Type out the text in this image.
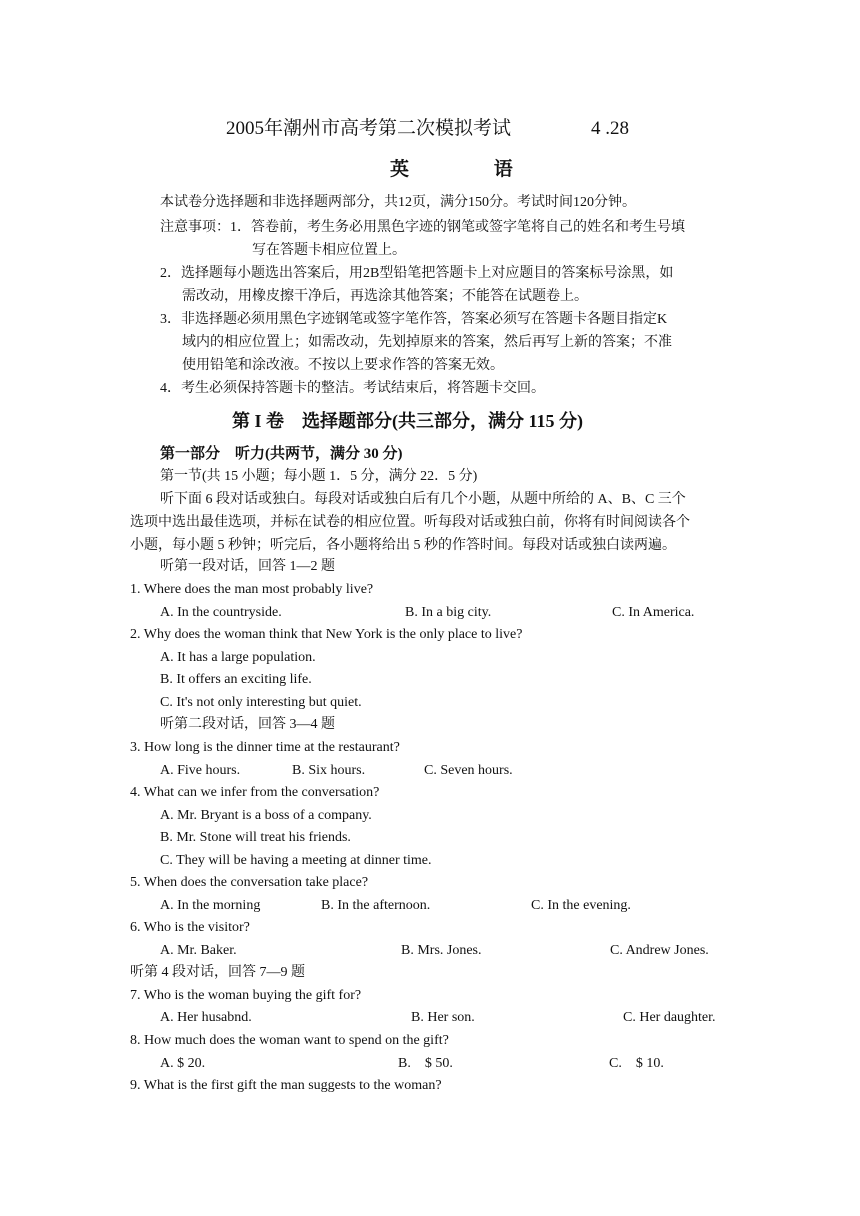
2005年潮州市高考第二次模拟考试	4 .28
英 语
本试卷分选择题和非选择题两部分，共12页，满分150分。考试时间120分钟。
注意事项： 1．答卷前，考生务必用黑色字迹的钢笔或签字笔将自己的姓名和考生号填
写在答题卡相应位置上。
2．选择题每小题选出答案后，用2B型铅笔把答题卡上对应题目的答案标号涂黑，如
需改动，用橡皮擦干净后，再选涂其他答案；不能答在试题卷上。
3．非选择题必须用黑色字迹钢笔或签字笔作答，答案必须写在答题卡各题目指定K
域内的相应位置上；如需改动，先划掉原来的答案，然后再写上新的答案；不准
使用铅笔和涂改液。不按以上要求作答的答案无效。
4．考生必须保持答题卡的整洁。考试结束后，将答题卡交回。
第 I 卷　选择题部分(共三部分，满分 115 分)
第一部分　听力(共两节，满分 30 分)
第一节(共 15 小题；每小题 1．5 分，满分 22．5 分)
听下面 6 段对话或独白。每段对话或独白后有几个小题，从题中所给的 A、B、C 三个
选项中选出最佳选项，并标在试卷的相应位置。听每段对话或独白前，你将有时间阅读各个
小题，每小题 5 秒钟；听完后，各小题将给出 5 秒的作答时间。每段对话或独白读两遍。
听第一段对话，回答 1—2 题
1. Where does the man most probably live?
A. In the countryside.	B. In a big city.	C. In America.
2. Why does the woman think that New York is the only place to live?
A. It has a large population.
B. It offers an exciting life.
C. It's not only interesting but quiet.
听第二段对话，回答 3—4 题
3. How long is the dinner time at the restaurant?
A. Five hours.	B. Six hours.	C. Seven hours.
4. What can we infer from the conversation?
A. Mr. Bryant is a boss of a company.
B. Mr. Stone will treat his friends.
C. They will be having a meeting at dinner time.
5. When does the conversation take place?
A. In the morning	B. In the afternoon.	C. In the evening.
6. Who is the visitor?
A. Mr. Baker.	B. Mrs. Jones.	C. Andrew Jones.
听第 4 段对话，回答 7—9 题
7. Who is the woman buying the gift for?
A. Her husabnd.	B. Her son.	C. Her daughter.
8. How much does the woman want to spend on the gift?
A. $ 20.	B.　$ 50.	C.　$ 10.
9. What is the first gift the man suggests to the woman?
